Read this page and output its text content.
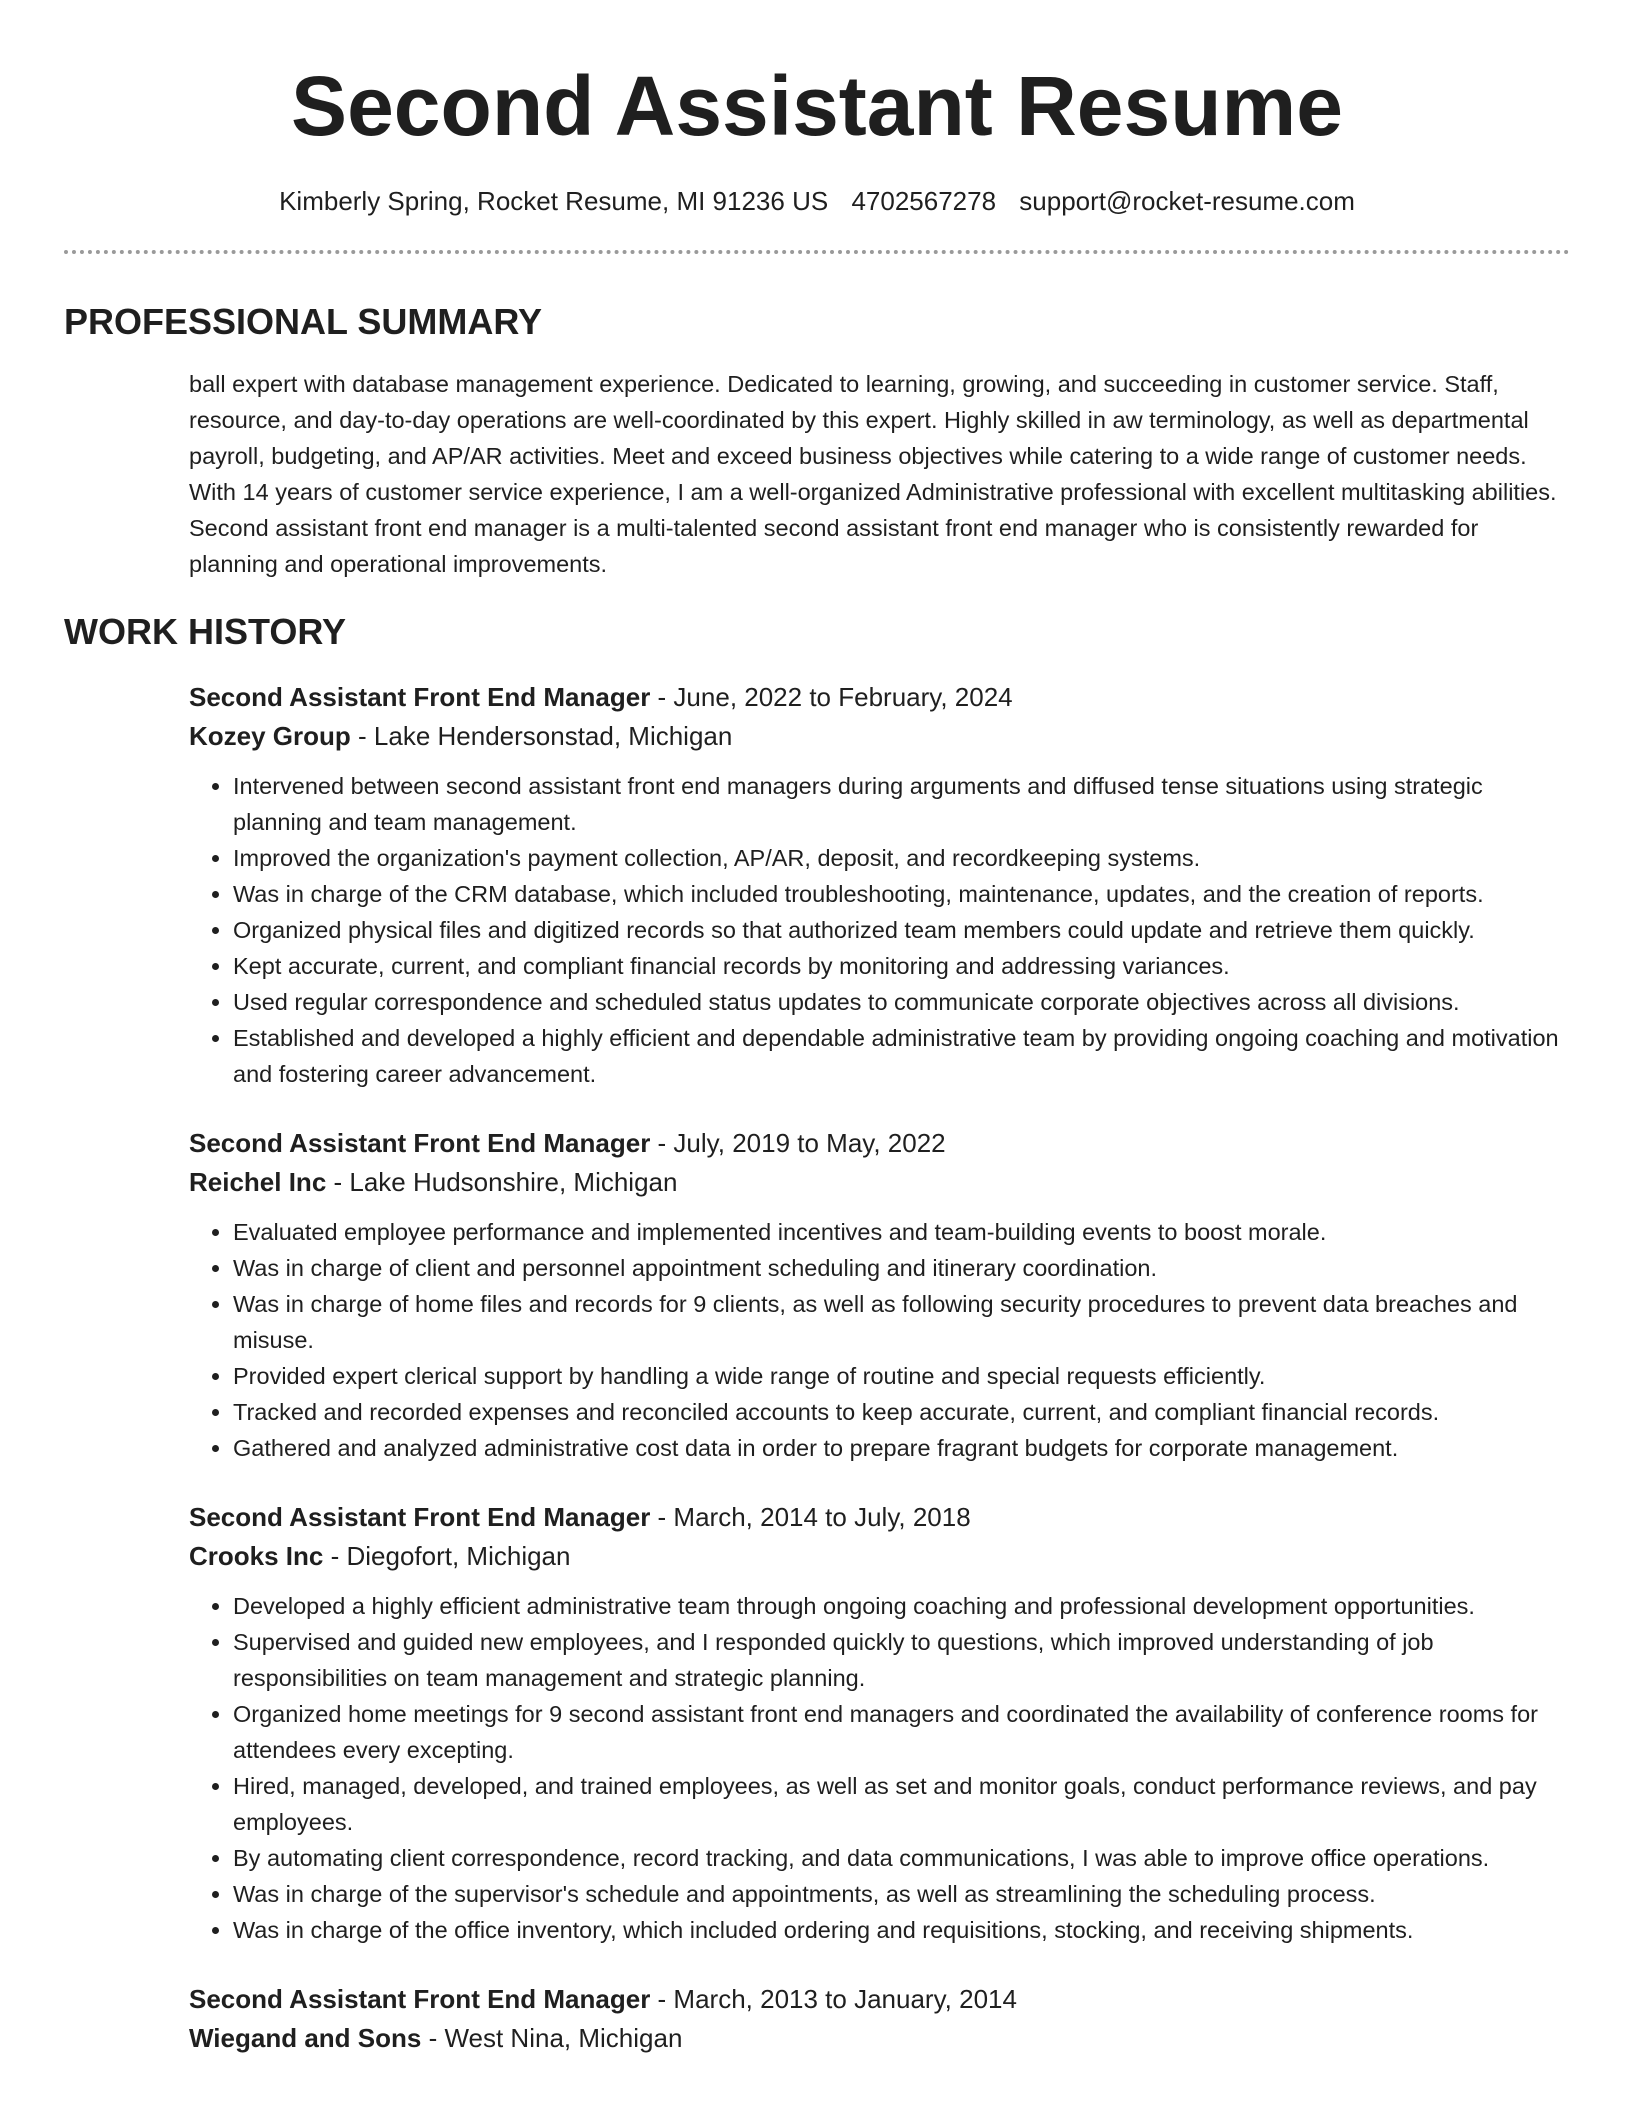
Second Assistant Resume
Kimberly Spring, Rocket Resume, MI 91236 US 4702567278 support@rocket-resume.com
PROFESSIONAL SUMMARY
ball expert with database management experience. Dedicated to learning, growing, and succeeding in customer service. Staff, resource, and day-to-day operations are well-coordinated by this expert. Highly skilled in aw terminology, as well as departmental payroll, budgeting, and AP/AR activities. Meet and exceed business objectives while catering to a wide range of customer needs. With 14 years of customer service experience, I am a well-organized Administrative professional with excellent multitasking abilities. Second assistant front end manager is a multi-talented second assistant front end manager who is consistently rewarded for planning and operational improvements.
WORK HISTORY
Second Assistant Front End Manager - June, 2022 to February, 2024
Kozey Group - Lake Hendersonstad, Michigan
• Intervened between second assistant front end managers during arguments and diffused tense situations using strategic planning and team management.
• Improved the organization's payment collection, AP/AR, deposit, and recordkeeping systems.
• Was in charge of the CRM database, which included troubleshooting, maintenance, updates, and the creation of reports.
• Organized physical files and digitized records so that authorized team members could update and retrieve them quickly.
• Kept accurate, current, and compliant financial records by monitoring and addressing variances.
• Used regular correspondence and scheduled status updates to communicate corporate objectives across all divisions.
• Established and developed a highly efficient and dependable administrative team by providing ongoing coaching and motivation and fostering career advancement.
Second Assistant Front End Manager - July, 2019 to May, 2022
Reichel Inc - Lake Hudsonshire, Michigan
• Evaluated employee performance and implemented incentives and team-building events to boost morale.
• Was in charge of client and personnel appointment scheduling and itinerary coordination.
• Was in charge of home files and records for 9 clients, as well as following security procedures to prevent data breaches and misuse.
• Provided expert clerical support by handling a wide range of routine and special requests efficiently.
• Tracked and recorded expenses and reconciled accounts to keep accurate, current, and compliant financial records.
• Gathered and analyzed administrative cost data in order to prepare fragrant budgets for corporate management.
Second Assistant Front End Manager - March, 2014 to July, 2018
Crooks Inc - Diegofort, Michigan
• Developed a highly efficient administrative team through ongoing coaching and professional development opportunities.
• Supervised and guided new employees, and I responded quickly to questions, which improved understanding of job responsibilities on team management and strategic planning.
• Organized home meetings for 9 second assistant front end managers and coordinated the availability of conference rooms for attendees every excepting.
• Hired, managed, developed, and trained employees, as well as set and monitor goals, conduct performance reviews, and pay employees.
• By automating client correspondence, record tracking, and data communications, I was able to improve office operations.
• Was in charge of the supervisor's schedule and appointments, as well as streamlining the scheduling process.
• Was in charge of the office inventory, which included ordering and requisitions, stocking, and receiving shipments.
Second Assistant Front End Manager - March, 2013 to January, 2014
Wiegand and Sons - West Nina, Michigan
